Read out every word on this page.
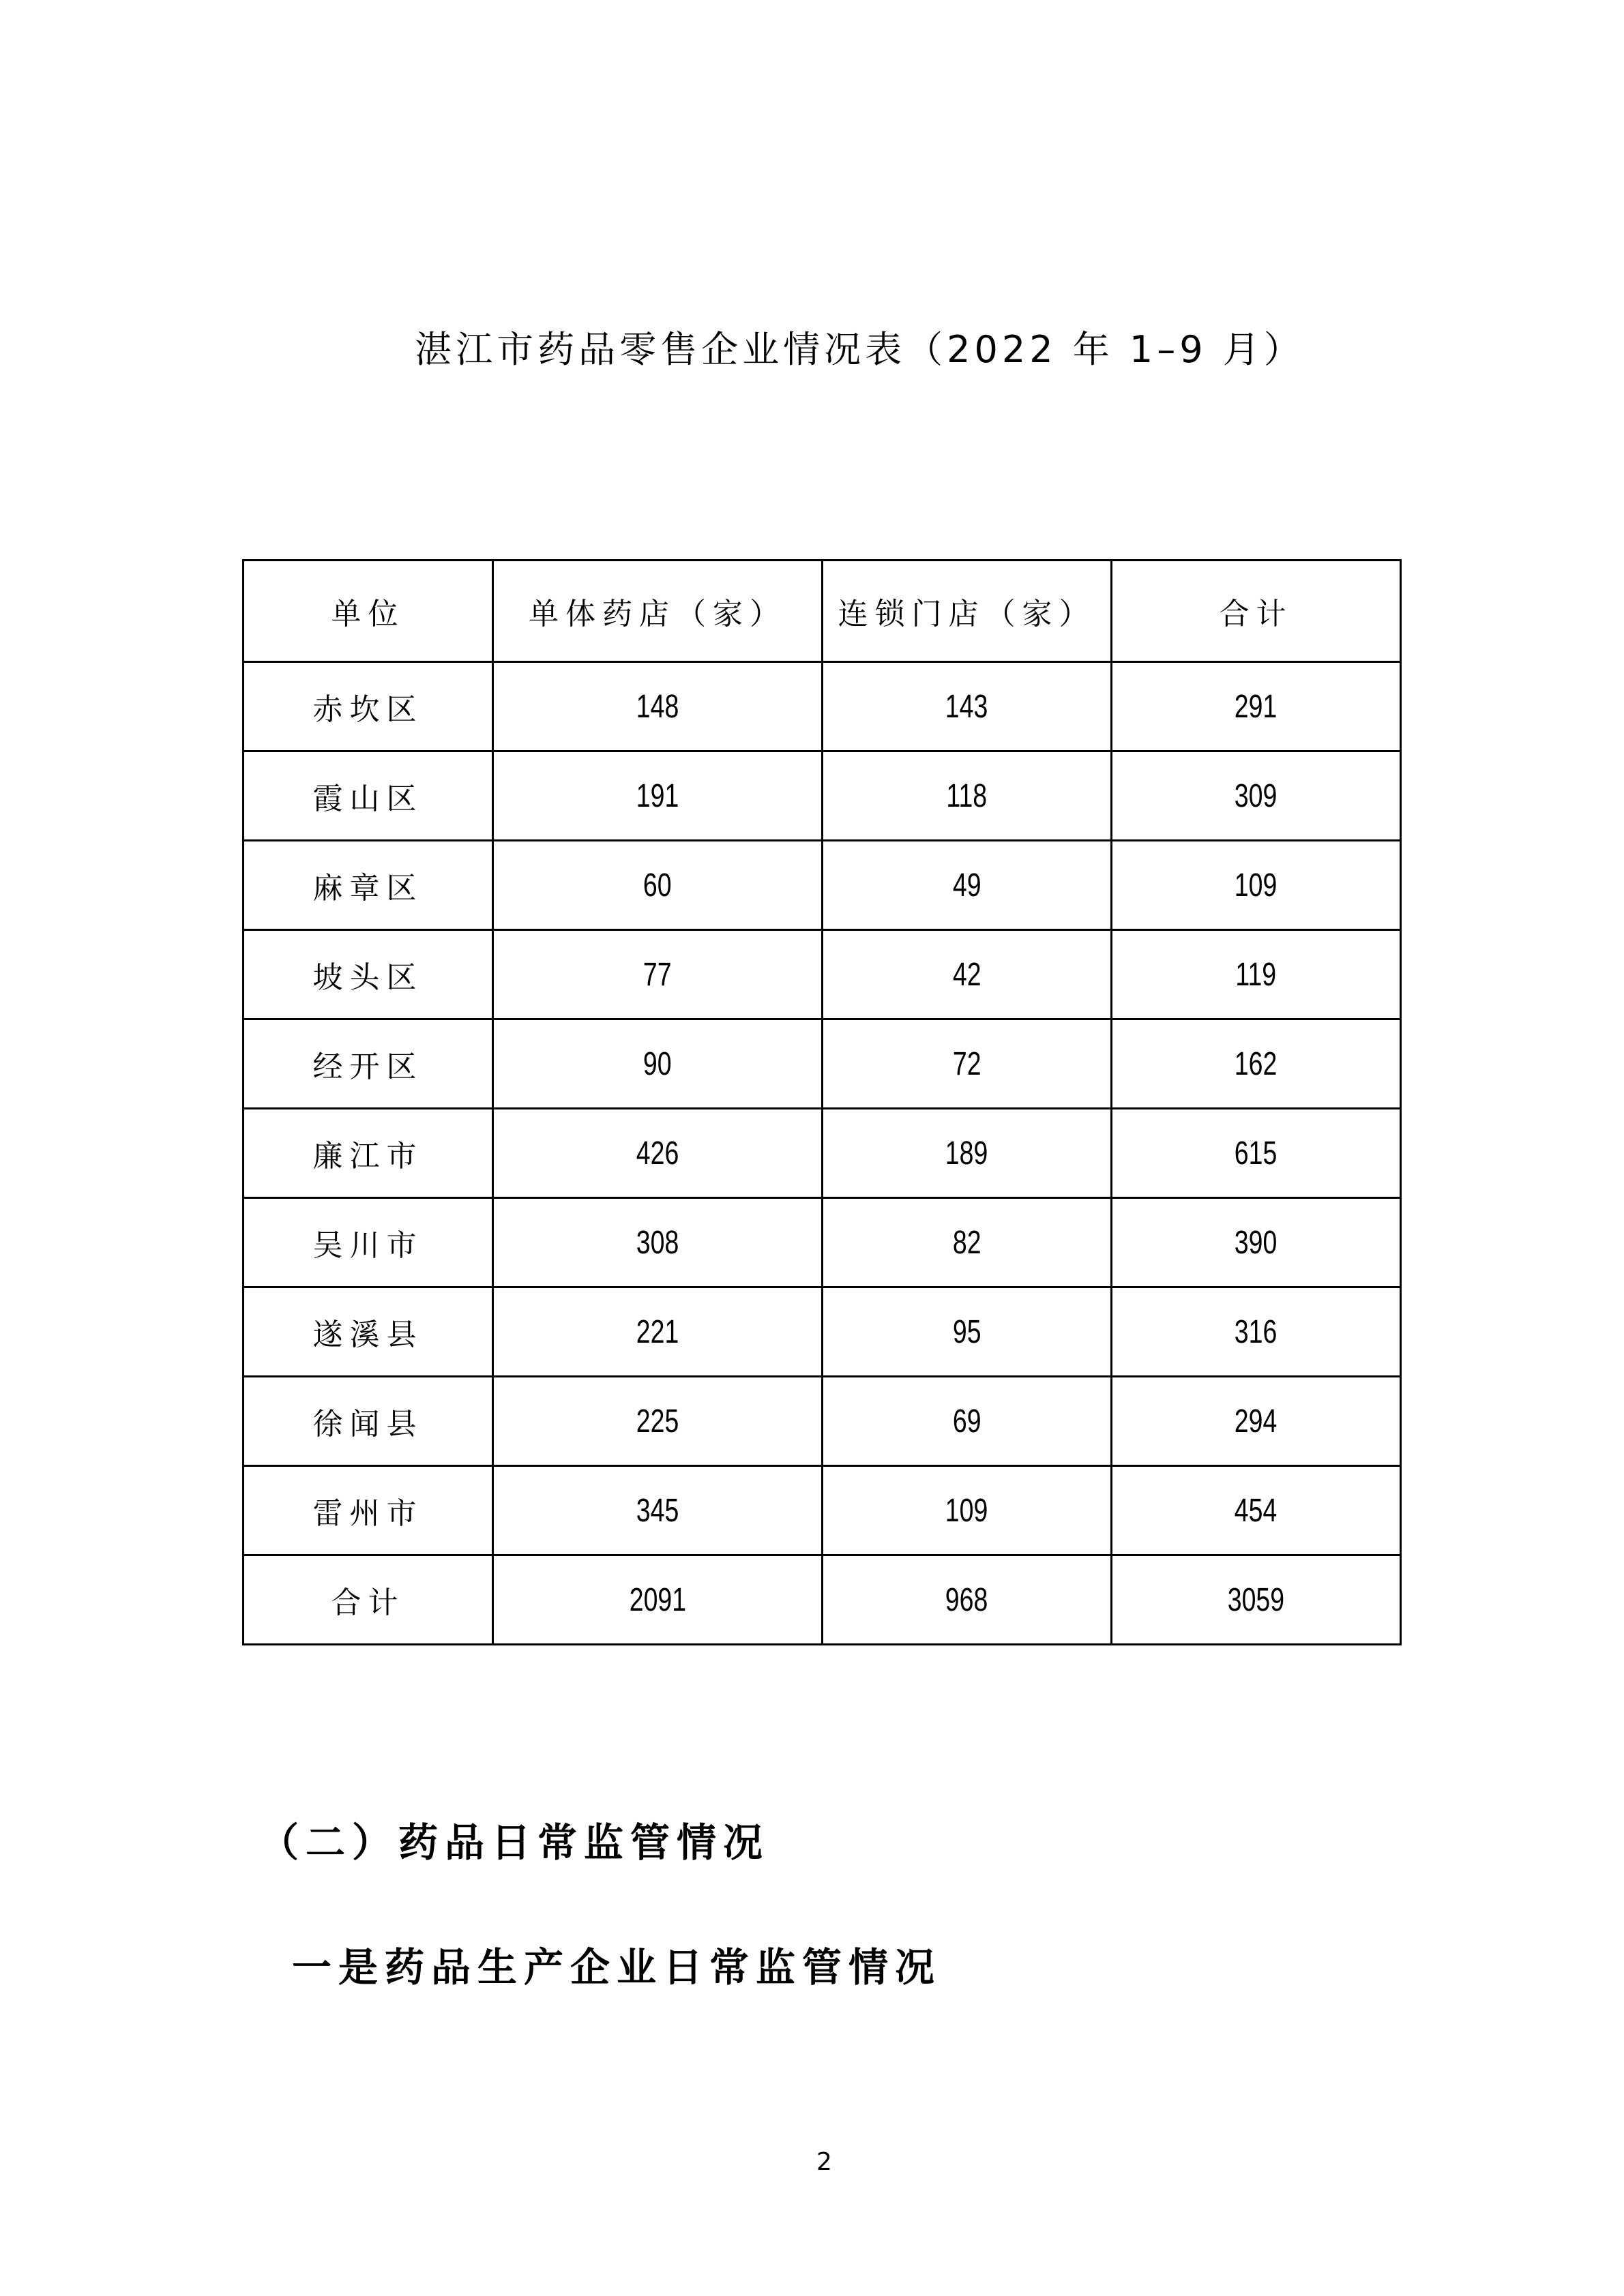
湛江市药品零售企业情况表（2022 年 1–9 月）
单位	单体药店（家）	连锁门店（家）	合计
赤坎区	148	143	291
霞山区	191	118	309
麻章区	60	49	109
坡头区	77	42	119
经开区	90	72	162
廉江市	426	189	615
吴川市	308	82	390
遂溪县	221	95	316
徐闻县	225	69	294
雷州市	345	109	454
合计	2091	968	3059
（二）药品日常监管情况
一是药品生产企业日常监管情况
2
